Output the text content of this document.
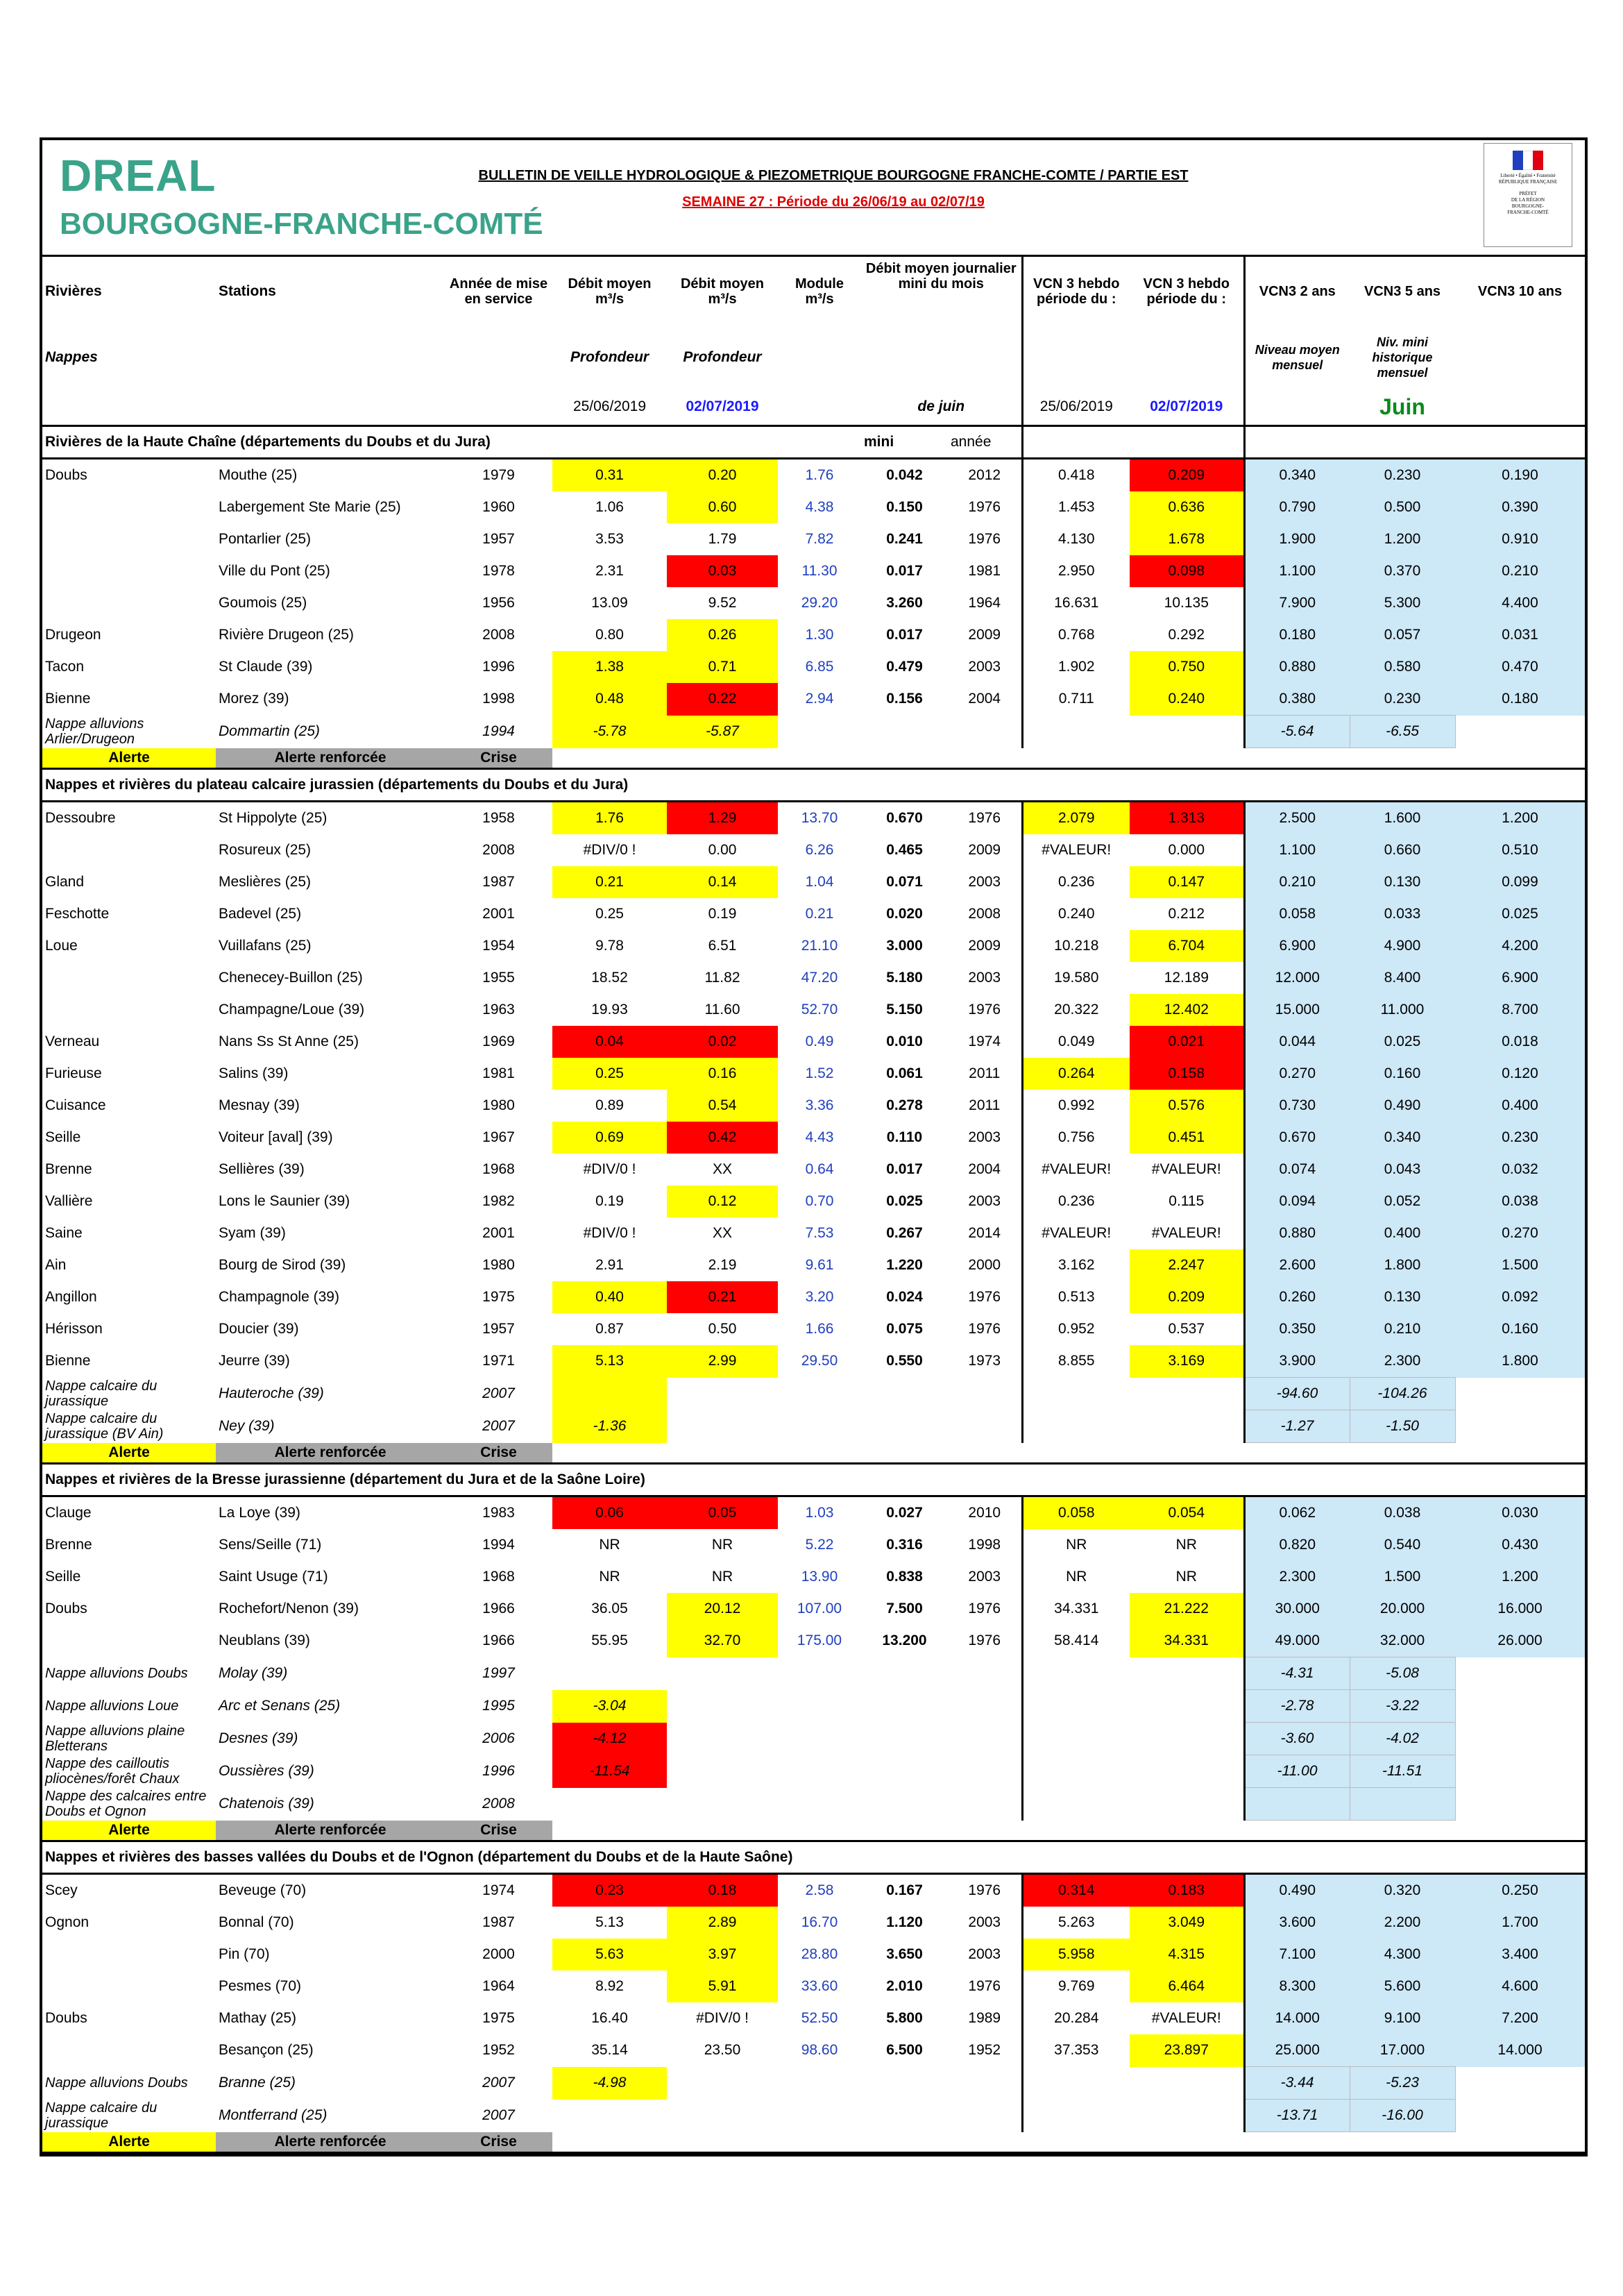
DREAL
BOURGOGNE-FRANCHE-COMTÉ
BULLETIN DE VEILLE HYDROLOGIQUE & PIEZOMETRIQUE BOURGOGNE FRANCHE-COMTE / PARTIE EST
SEMAINE 27 : Période du 26/06/19 au 02/07/19
Liberté • Égalité • Fraternité
RÉPUBLIQUE FRANÇAISE
PRÉFET
DE LA RÉGION
BOURGOGNE-
FRANCHE-COMTÉ
Rivières	Stations	Année de mise en service	Débit moyen m³/s	Débit moyen m³/s	Module m³/s	Débit moyen journalier mini du mois		VCN 3 hebdo période du :	VCN 3 hebdo période du :	VCN3 2 ans	VCN3 5 ans	VCN3 10 ans
Nappes			Profondeur	Profondeur						Niveau moyen mensuel	Niv. mini historique mensuel	
			25/06/2019	02/07/2019		de juin		25/06/2019	02/07/2019		Juin	
Rivières de la Haute Chaîne (départements du Doubs et du Jura)						mini	année					
Doubs	Mouthe (25)	1979	0.31	0.20	1.76	0.042	2012	0.418	0.209	0.340	0.230	0.190
	Labergement Ste Marie (25)	1960	1.06	0.60	4.38	0.150	1976	1.453	0.636	0.790	0.500	0.390
	Pontarlier (25)	1957	3.53	1.79	7.82	0.241	1976	4.130	1.678	1.900	1.200	0.910
	Ville du Pont (25)	1978	2.31	0.03	11.30	0.017	1981	2.950	0.098	1.100	0.370	0.210
	Goumois (25)	1956	13.09	9.52	29.20	3.260	1964	16.631	10.135	7.900	5.300	4.400
Drugeon	Rivière Drugeon (25)	2008	0.80	0.26	1.30	0.017	2009	0.768	0.292	0.180	0.057	0.031
Tacon	St Claude (39)	1996	1.38	0.71	6.85	0.479	2003	1.902	0.750	0.880	0.580	0.470
Bienne	Morez (39)	1998	0.48	0.22	2.94	0.156	2004	0.711	0.240	0.380	0.230	0.180
Nappe alluvions Arlier/Drugeon	Dommartin (25)	1994	-5.78	-5.87						-5.64	-6.55	
Alerte	Alerte renforcée	Crise										
Nappes et rivières du plateau calcaire jurassien (départements du Doubs et du Jura)												
Dessoubre	St Hippolyte (25)	1958	1.76	1.29	13.70	0.670	1976	2.079	1.313	2.500	1.600	1.200
	Rosureux (25)	2008	#DIV/0 !	0.00	6.26	0.465	2009	#VALEUR!	0.000	1.100	0.660	0.510
Gland	Meslières (25)	1987	0.21	0.14	1.04	0.071	2003	0.236	0.147	0.210	0.130	0.099
Feschotte	Badevel (25)	2001	0.25	0.19	0.21	0.020	2008	0.240	0.212	0.058	0.033	0.025
Loue	Vuillafans (25)	1954	9.78	6.51	21.10	3.000	2009	10.218	6.704	6.900	4.900	4.200
	Chenecey-Buillon (25)	1955	18.52	11.82	47.20	5.180	2003	19.580	12.189	12.000	8.400	6.900
	Champagne/Loue (39)	1963	19.93	11.60	52.70	5.150	1976	20.322	12.402	15.000	11.000	8.700
Verneau	Nans Ss St Anne (25)	1969	0.04	0.02	0.49	0.010	1974	0.049	0.021	0.044	0.025	0.018
Furieuse	Salins (39)	1981	0.25	0.16	1.52	0.061	2011	0.264	0.158	0.270	0.160	0.120
Cuisance	Mesnay (39)	1980	0.89	0.54	3.36	0.278	2011	0.992	0.576	0.730	0.490	0.400
Seille	Voiteur [aval] (39)	1967	0.69	0.42	4.43	0.110	2003	0.756	0.451	0.670	0.340	0.230
Brenne	Sellières (39)	1968	#DIV/0 !	XX	0.64	0.017	2004	#VALEUR!	#VALEUR!	0.074	0.043	0.032
Vallière	Lons le Saunier (39)	1982	0.19	0.12	0.70	0.025	2003	0.236	0.115	0.094	0.052	0.038
Saine	Syam (39)	2001	#DIV/0 !	XX	7.53	0.267	2014	#VALEUR!	#VALEUR!	0.880	0.400	0.270
Ain	Bourg de Sirod (39)	1980	2.91	2.19	9.61	1.220	2000	3.162	2.247	2.600	1.800	1.500
Angillon	Champagnole (39)	1975	0.40	0.21	3.20	0.024	1976	0.513	0.209	0.260	0.130	0.092
Hérisson	Doucier (39)	1957	0.87	0.50	1.66	0.075	1976	0.952	0.537	0.350	0.210	0.160
Bienne	Jeurre (39)	1971	5.13	2.99	29.50	0.550	1973	8.855	3.169	3.900	2.300	1.800
Nappe calcaire du jurassique	Hauteroche (39)	2007								-94.60	-104.26	
Nappe calcaire du jurassique (BV Ain)	Ney (39)	2007	-1.36							-1.27	-1.50	
Alerte	Alerte renforcée	Crise										
Nappes et rivières de la Bresse jurassienne (département du Jura et de la Saône Loire)												
Clauge	La Loye (39)	1983	0.06	0.05	1.03	0.027	2010	0.058	0.054	0.062	0.038	0.030
Brenne	Sens/Seille (71)	1994	NR	NR	5.22	0.316	1998	NR	NR	0.820	0.540	0.430
Seille	Saint Usuge (71)	1968	NR	NR	13.90	0.838	2003	NR	NR	2.300	1.500	1.200
Doubs	Rochefort/Nenon (39)	1966	36.05	20.12	107.00	7.500	1976	34.331	21.222	30.000	20.000	16.000
	Neublans (39)	1966	55.95	32.70	175.00	13.200	1976	58.414	34.331	49.000	32.000	26.000
Nappe alluvions Doubs	Molay (39)	1997								-4.31	-5.08	
Nappe alluvions Loue	Arc et Senans (25)	1995	-3.04							-2.78	-3.22	
Nappe alluvions plaine Bletterans	Desnes (39)	2006	-4.12							-3.60	-4.02	
Nappe des cailloutis pliocènes/forêt Chaux	Oussières (39)	1996	-11.54							-11.00	-11.51	
Nappe des calcaires entre Doubs et Ognon	Chatenois (39)	2008										
Alerte	Alerte renforcée	Crise										
Nappes et rivières des basses vallées du Doubs et de l'Ognon (département du Doubs et de la Haute Saône)												
Scey	Beveuge (70)	1974	0.23	0.18	2.58	0.167	1976	0.314	0.183	0.490	0.320	0.250
Ognon	Bonnal (70)	1987	5.13	2.89	16.70	1.120	2003	5.263	3.049	3.600	2.200	1.700
	Pin (70)	2000	5.63	3.97	28.80	3.650	2003	5.958	4.315	7.100	4.300	3.400
	Pesmes (70)	1964	8.92	5.91	33.60	2.010	1976	9.769	6.464	8.300	5.600	4.600
Doubs	Mathay (25)	1975	16.40	#DIV/0 !	52.50	5.800	1989	20.284	#VALEUR!	14.000	9.100	7.200
	Besançon (25)	1952	35.14	23.50	98.60	6.500	1952	37.353	23.897	25.000	17.000	14.000
Nappe alluvions Doubs	Branne (25)	2007	-4.98							-3.44	-5.23	
Nappe calcaire du jurassique	Montferrand (25)	2007								-13.71	-16.00	
Alerte	Alerte renforcée	Crise										
